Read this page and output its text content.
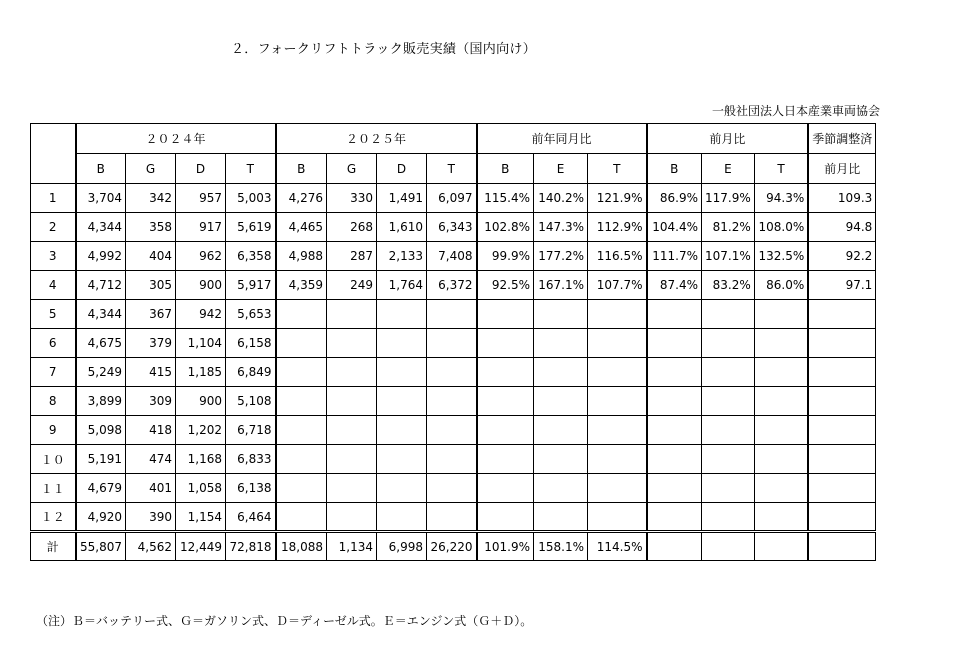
２．フォークリフトトラック販売実績（国内向け）
一般社団法人日本産業車両協会
	２０２４年				２０２５年				前年同月比			前月比			季節調整済
	B	G	D	T	B	G	D	T	B	E	T	B	E	T	前月比
1	3,704	342	957	5,003	4,276	330	1,491	6,097	115.4%	140.2%	121.9%	86.9%	117.9%	94.3%	109.3
2	4,344	358	917	5,619	4,465	268	1,610	6,343	102.8%	147.3%	112.9%	104.4%	81.2%	108.0%	94.8
3	4,992	404	962	6,358	4,988	287	2,133	7,408	99.9%	177.2%	116.5%	111.7%	107.1%	132.5%	92.2
4	4,712	305	900	5,917	4,359	249	1,764	6,372	92.5%	167.1%	107.7%	87.4%	83.2%	86.0%	97.1
5	4,344	367	942	5,653											
6	4,675	379	1,104	6,158											
7	5,249	415	1,185	6,849											
8	3,899	309	900	5,108											
9	5,098	418	1,202	6,718											
１０	5,191	474	1,168	6,833											
１１	4,679	401	1,058	6,138											
１２	4,920	390	1,154	6,464											
計	55,807	4,562	12,449	72,818	18,088	1,134	6,998	26,220	101.9%	158.1%	114.5%				
（注）Ｂ＝バッテリー式、Ｇ＝ガソリン式、Ｄ＝ディーゼル式。Ｅ＝エンジン式（Ｇ＋Ｄ）。
